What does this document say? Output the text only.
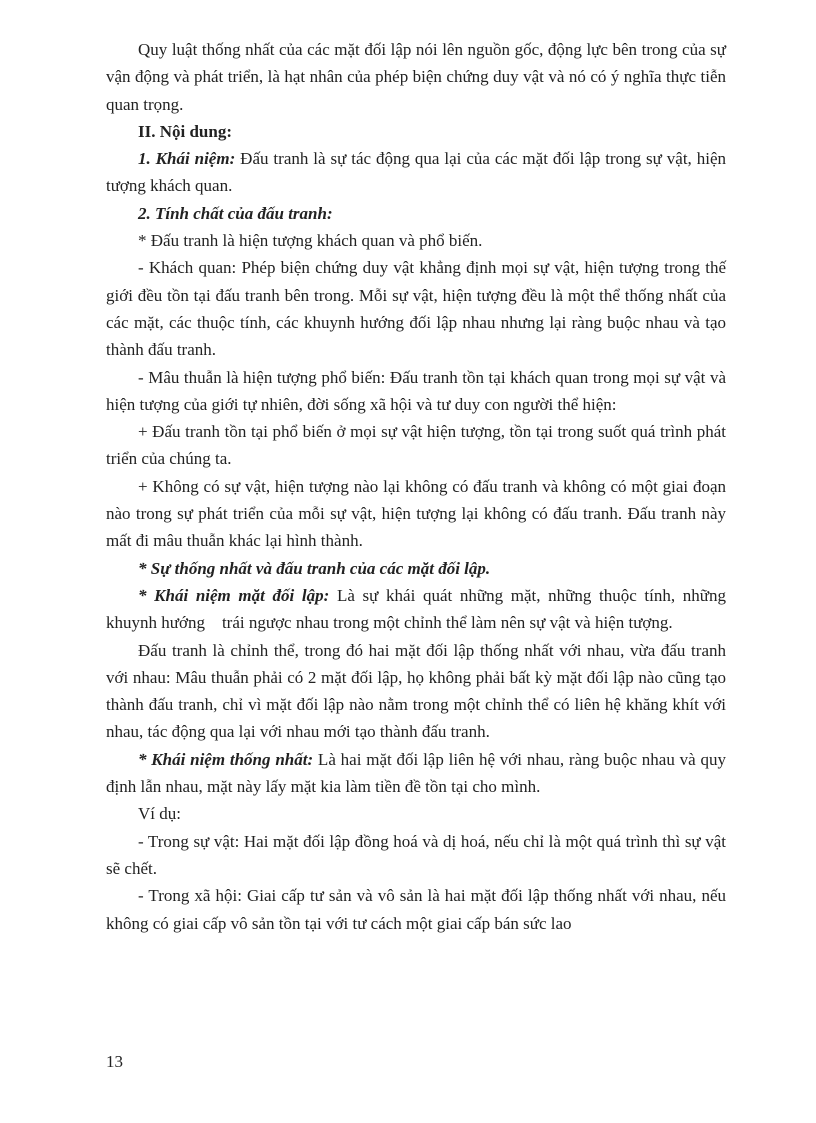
Quy luật thống nhất của các mặt đối lập nói lên nguồn gốc, động lực bên trong của sự vận động và phát triển, là hạt nhân của phép biện chứng duy vật và nó có ý nghĩa thực tiễn quan trọng.

II. Nội dung:

1. Khái niệm: Đấu tranh là sự tác động qua lại của các mặt đối lập trong sự vật, hiện tượng khách quan.

2. Tính chất của đấu tranh:

* Đấu tranh là hiện tượng khách quan và phổ biến.

- Khách quan: Phép biện chứng duy vật khẳng định mọi sự vật, hiện tượng trong thế giới đều tồn tại đấu tranh bên trong. Mỗi sự vật, hiện tượng đều là một thể thống nhất của các mặt, các thuộc tính, các khuynh hướng đối lập nhau nhưng lại ràng buộc nhau và tạo thành đấu tranh.

- Mâu thuẫn là hiện tượng phổ biến: Đấu tranh tồn tại khách quan trong mọi sự vật và hiện tượng của giới tự nhiên, đời sống xã hội và tư duy con người thể hiện:

+ Đấu tranh tồn tại phổ biến ở mọi sự vật hiện tượng, tồn tại trong suốt quá trình phát triển của chúng ta.

+ Không có sự vật, hiện tượng nào lại không có đấu tranh và không có một giai đoạn nào trong sự phát triển của mỗi sự vật, hiện tượng lại không có đấu tranh. Đấu tranh này mất đi mâu thuẫn khác lại hình thành.

* Sự thống nhất và đấu tranh của các mặt đối lập.

* Khái niệm mặt đối lập: Là sự khái quát những mặt, những thuộc tính, những khuynh hướng    trái ngược nhau trong một chỉnh thể làm nên sự vật và hiện tượng.

Đấu tranh là chỉnh thể, trong đó hai mặt đối lập thống nhất với nhau, vừa đấu tranh với nhau: Mâu thuẫn phải có 2 mặt đối lập, họ không phải bất kỳ mặt đối lập nào cũng tạo thành đấu tranh, chỉ vì mặt đối lập nào nằm trong một chỉnh thể có liên hệ khăng khít với nhau, tác động qua lại với nhau mới tạo thành đấu tranh.

* Khái niệm thống nhất: Là hai mặt đối lập liên hệ với nhau, ràng buộc nhau và quy định lẫn nhau, mặt này lấy mặt kia làm tiền đề tồn tại cho mình.

Ví dụ:

- Trong sự vật: Hai mặt đối lập đồng hoá và dị hoá, nếu chỉ là một quá trình thì sự vật sẽ chết.

- Trong xã hội: Giai cấp tư sản và vô sản là hai mặt đối lập thống nhất với nhau, nếu không có giai cấp vô sản tồn tại với tư cách một giai cấp bán sức lao

13
